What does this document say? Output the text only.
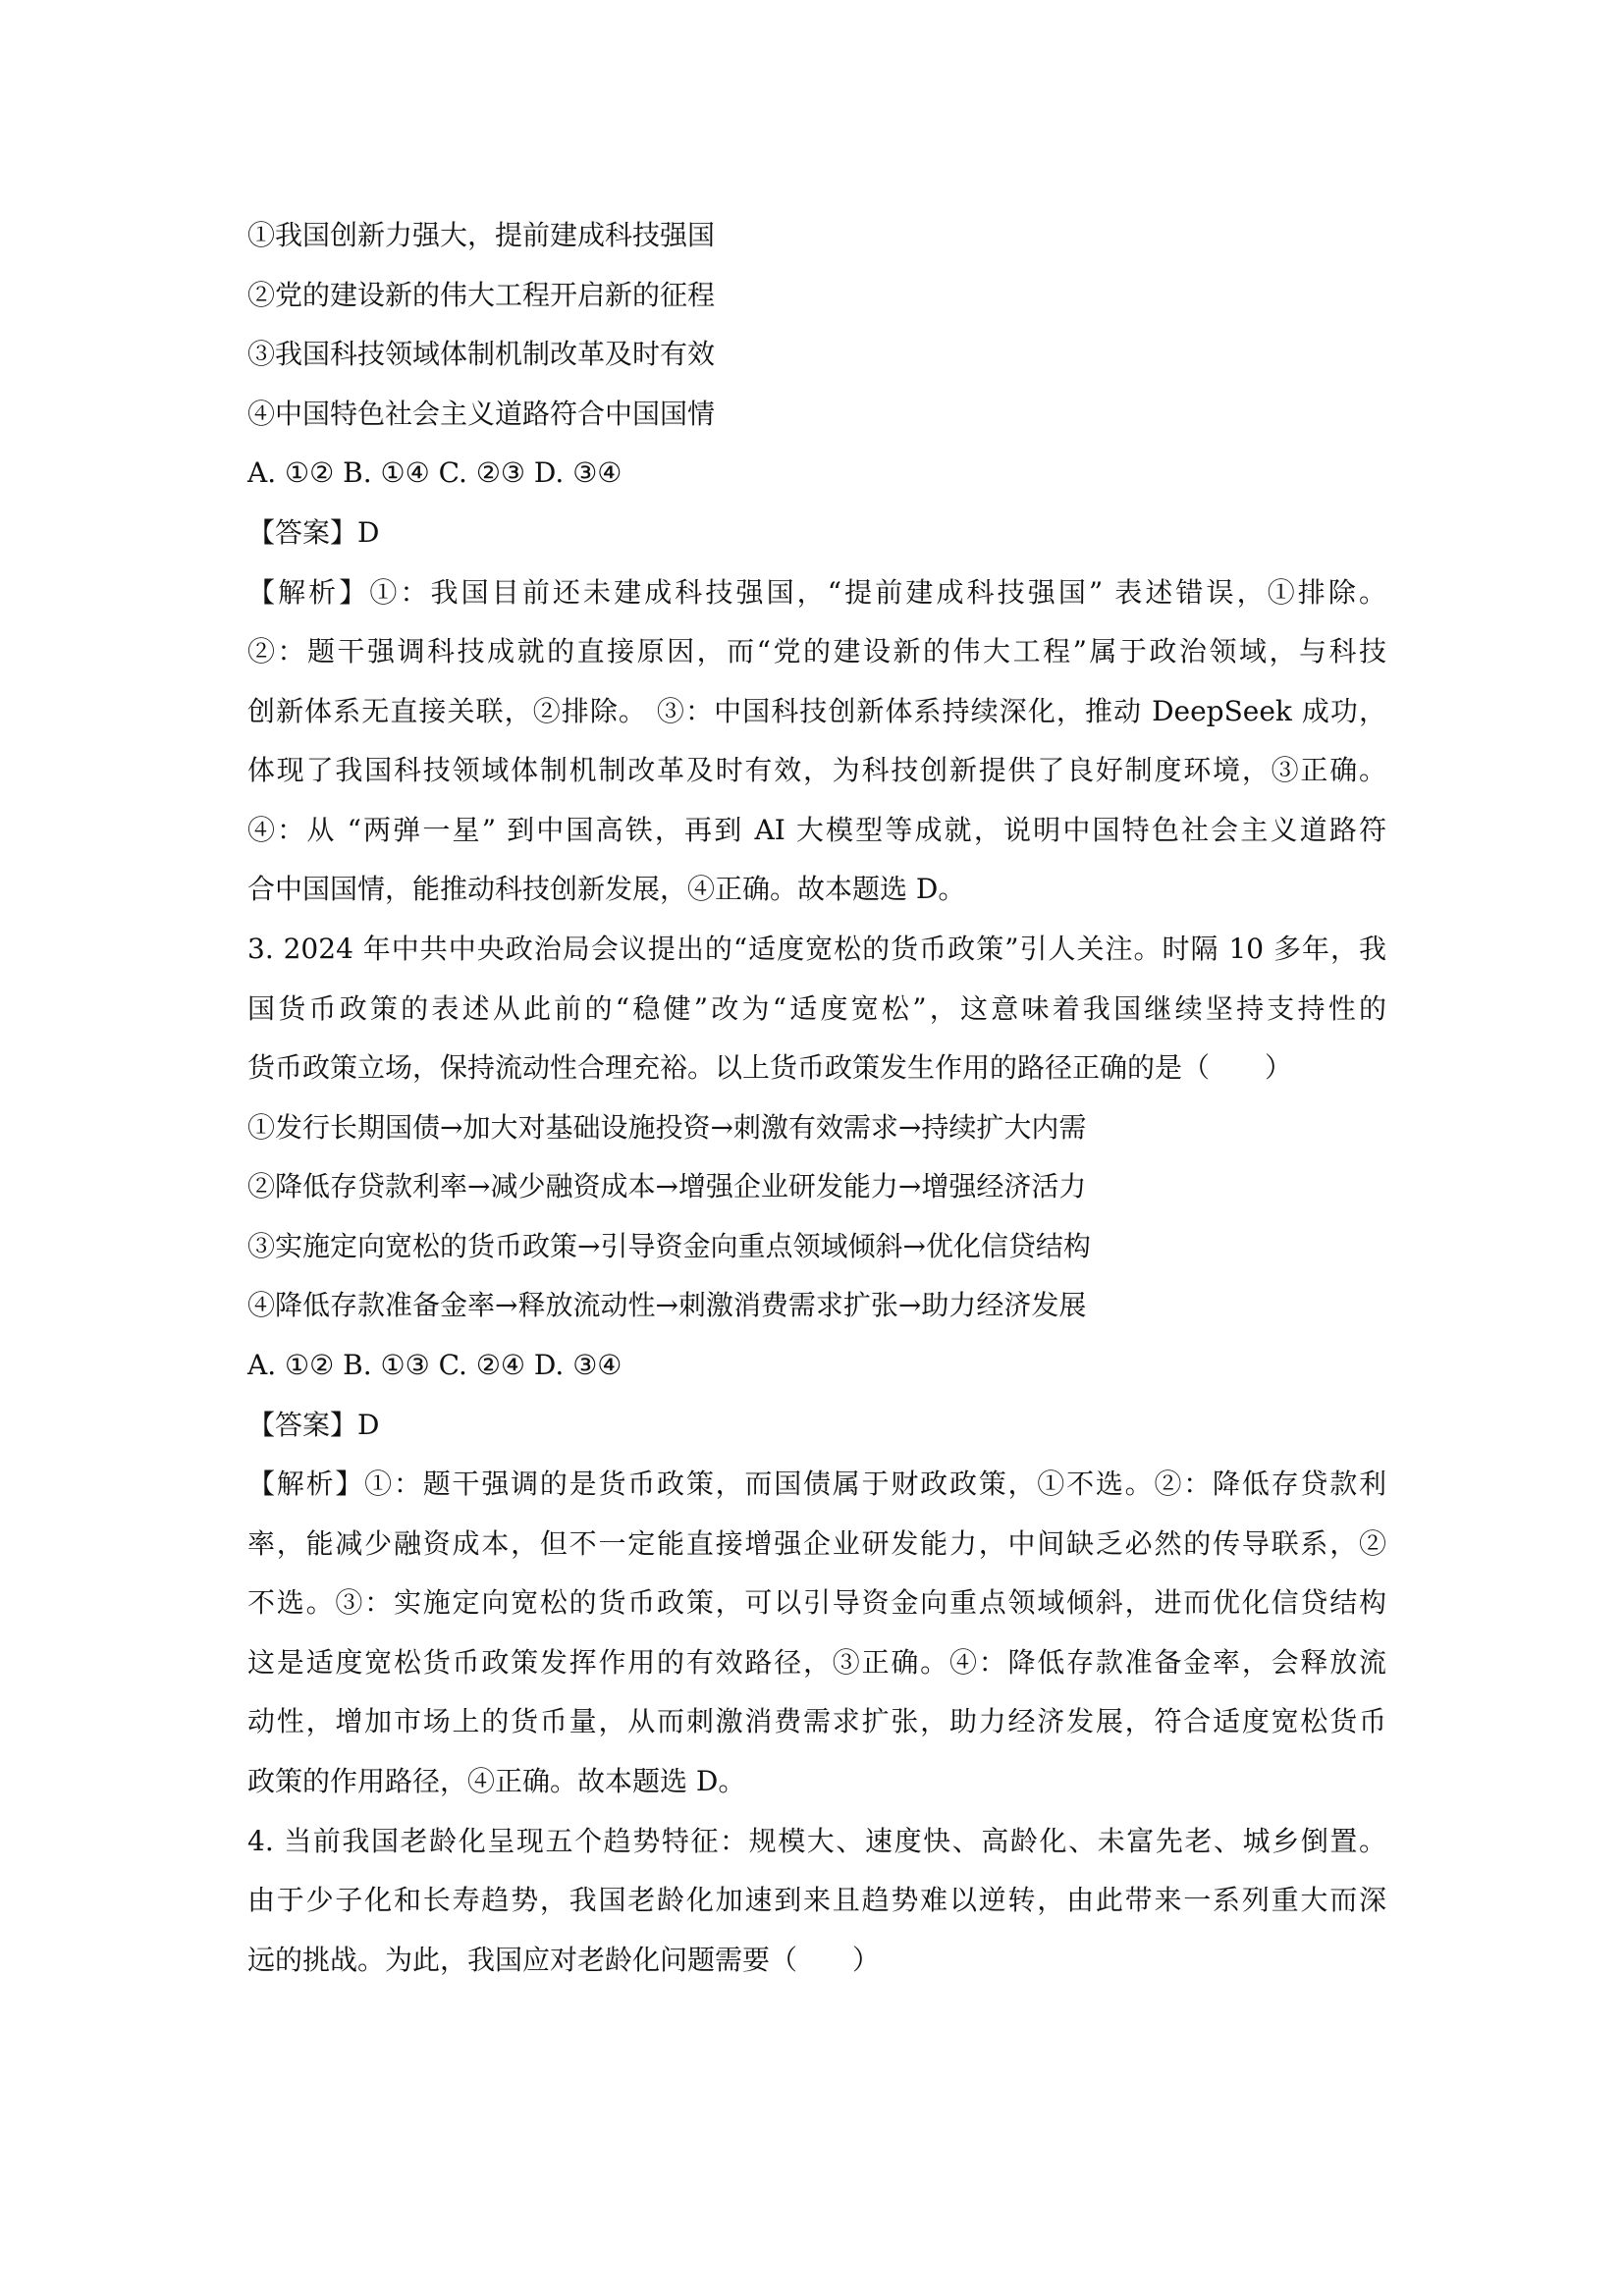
①我国创新力强大，提前建成科技强国
②党的建设新的伟大工程开启新的征程
③我国科技领域体制机制改革及时有效
④中国特色社会主义道路符合中国国情
A. ①② B. ①④ C. ②③ D. ③④
【答案】D
【解析】①：我国目前还未建成科技强国，“提前建成科技强国” 表述错误，①排除。
②：题干强调科技成就的直接原因，而“党的建设新的伟大工程”属于政治领域，与科技
创新体系无直接关联，②排除。 ③：中国科技创新体系持续深化，推动 DeepSeek 成功，
体现了我国科技领域体制机制改革及时有效，为科技创新提供了良好制度环境，③正确。
④：从 “两弹一星” 到中国高铁，再到 AI 大模型等成就，说明中国特色社会主义道路符
合中国国情，能推动科技创新发展，④正确。故本题选 D。
3. 2024 年中共中央政治局会议提出的“适度宽松的货币政策”引人关注。时隔 10 多年，我
国货币政策的表述从此前的“稳健”改为“适度宽松”，这意味着我国继续坚持支持性的
货币政策立场，保持流动性合理充裕。以上货币政策发生作用的路径正确的是（　　）
①发行长期国债→加大对基础设施投资→刺激有效需求→持续扩大内需
②降低存贷款利率→减少融资成本→增强企业研发能力→增强经济活力
③实施定向宽松的货币政策→引导资金向重点领域倾斜→优化信贷结构
④降低存款准备金率→释放流动性→刺激消费需求扩张→助力经济发展
A. ①② B. ①③ C. ②④ D. ③④
【答案】D
【解析】①：题干强调的是货币政策，而国债属于财政政策，①不选。②：降低存贷款利
率，能减少融资成本，但不一定能直接增强企业研发能力，中间缺乏必然的传导联系，②
不选。③：实施定向宽松的货币政策，可以引导资金向重点领域倾斜，进而优化信贷结构
这是适度宽松货币政策发挥作用的有效路径，③正确。④：降低存款准备金率，会释放流
动性，增加市场上的货币量，从而刺激消费需求扩张，助力经济发展，符合适度宽松货币
政策的作用路径，④正确。故本题选 D。
4. 当前我国老龄化呈现五个趋势特征：规模大、速度快、高龄化、未富先老、城乡倒置。
由于少子化和长寿趋势，我国老龄化加速到来且趋势难以逆转，由此带来一系列重大而深
远的挑战。为此，我国应对老龄化问题需要（　　）
